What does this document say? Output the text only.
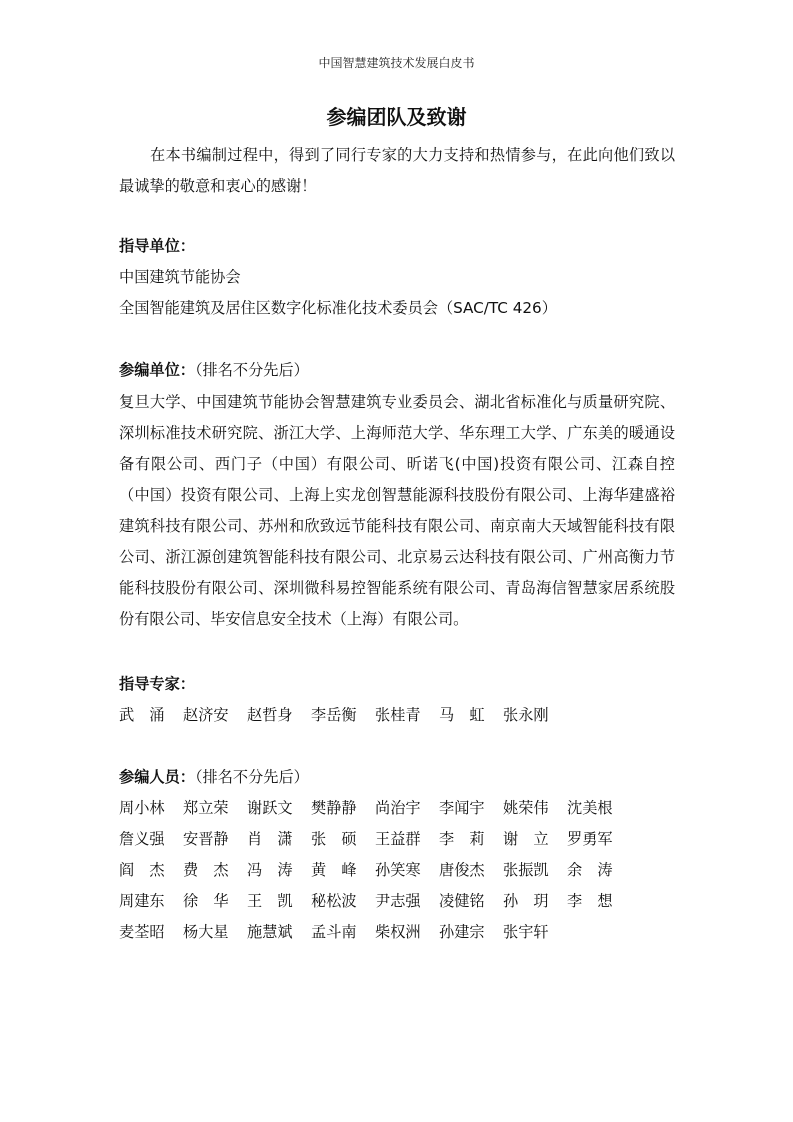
中国智慧建筑技术发展白皮书
参编团队及致谢
在本书编制过程中，得到了同行专家的大力支持和热情参与，在此向他们致以最诚挚的敬意和衷心的感谢！
指导单位：
中国建筑节能协会
全国智能建筑及居住区数字化标准化技术委员会（SAC/TC 426）
参编单位：（排名不分先后）
复旦大学、中国建筑节能协会智慧建筑专业委员会、湖北省标准化与质量研究院、深圳标准技术研究院、浙江大学、上海师范大学、华东理工大学、广东美的暖通设备有限公司、西门子（中国）有限公司、昕诺飞(中国)投资有限公司、江森自控（中国）投资有限公司、上海上实龙创智慧能源科技股份有限公司、上海华建盛裕建筑科技有限公司、苏州和欣致远节能科技有限公司、南京南大天域智能科技有限公司、浙江源创建筑智能科技有限公司、北京易云达科技有限公司、广州高衡力节能科技股份有限公司、深圳微科易控智能系统有限公司、青岛海信智慧家居系统股份有限公司、毕安信息安全技术（上海）有限公司。
指导专家：
武　涌 赵济安 赵哲身 李岳衡 张桂青 马　虹 张永刚
参编人员：（排名不分先后）
周小林 郑立荣 谢跃文 樊静静 尚治宇 李闻宇 姚荣伟 沈美根
詹义强 安晋静 肖　潇 张　硕 王益群 李　莉 谢　立 罗勇军
阎　杰 费　杰 冯　涛 黄　峰 孙笑寒 唐俊杰 张振凯 余　涛
周建东 徐　华 王　凯 秘松波 尹志强 凌健铭 孙　玥 李　想
麦荃昭 杨大星 施慧斌 孟斗南 柴权洲 孙建宗 张宇轩
